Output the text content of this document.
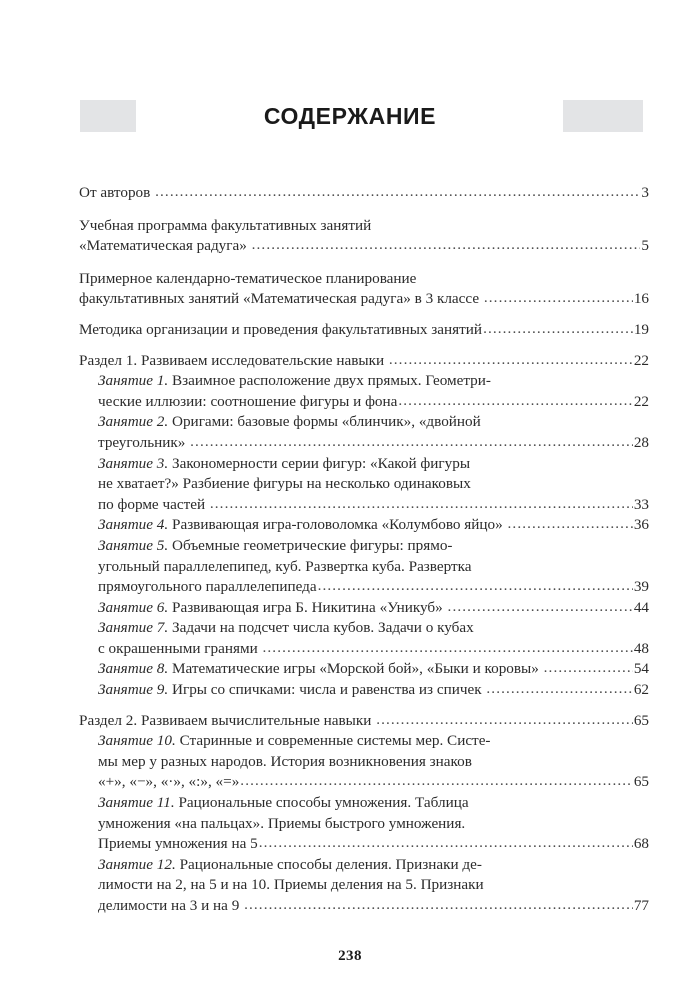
СОДЕРЖАНИЕ
От авторов .....	3
Учебная программа факультативных занятий
«Математическая радуга» .....	5
Примерное календарно-тематическое планирование
факультативных занятий «Математическая радуга» в 3 классе .....	16
Методика организации и проведения факультативных занятий .....	19
Раздел 1. Развиваем исследовательские навыки .....	22
Занятие 1. Взаимное расположение двух прямых. Геометри-
ческие иллюзии: соотношение фигуры и фона .....	22
Занятие 2. Оригами: базовые формы «блинчик», «двойной
треугольник» .....	28
Занятие 3. Закономерности серии фигур: «Какой фигуры
не хватает?» Разбиение фигуры на несколько одинаковых
по форме частей .....	33
Занятие 4. Развивающая игра-головоломка «Колумбово яйцо» .....	36
Занятие 5. Объемные геометрические фигуры: прямо-
угольный параллелепипед, куб. Развертка куба. Развертка
прямоугольного параллелепипеда .....	39
Занятие 6. Развивающая игра Б. Никитина «Уникуб» .....	44
Занятие 7. Задачи на подсчет числа кубов. Задачи о кубах
с окрашенными гранями .....	48
Занятие 8. Математические игры «Морской бой», «Быки и коровы» .....	54
Занятие 9. Игры со спичками: числа и равенства из спичек .....	62
Раздел 2. Развиваем вычислительные навыки .....	65
Занятие 10. Старинные и современные системы мер. Систе-
мы мер у разных народов. История возникновения знаков
«+», «−», «·», «:», «=» .....	65
Занятие 11. Рациональные способы умножения. Таблица
умножения «на пальцах». Приемы быстрого умножения.
Приемы умножения на 5 .....	68
Занятие 12. Рациональные способы деления. Признаки де-
лимости на 2, на 5 и на 10. Приемы деления на 5. Признаки
делимости на 3 и на 9 .....	77
238
